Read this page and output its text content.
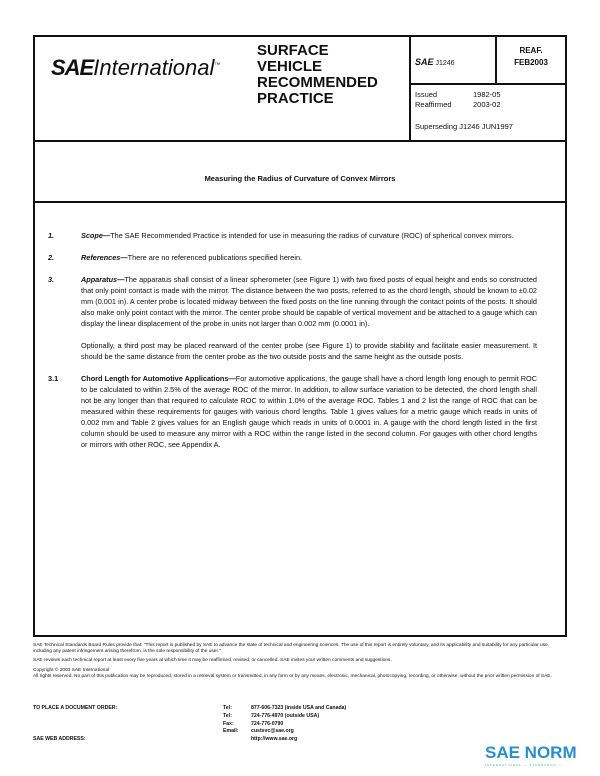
SAEInternational™
SURFACE
VEHICLE
RECOMMENDED
PRACTICE
SAE J1246
REAF.
FEB2003
Issued	1982-05
Reaffirmed	2003-02
Superseding J1246 JUN1997
Measuring the Radius of Curvature of Convex Mirrors
1.	Scope—The SAE Recommended Practice is intended for use in measuring the radius of curvature (ROC) of spherical convex mirrors.
2.	References—There are no referenced publications specified herein.
3.	Apparatus—The apparatus shall consist of a linear spherometer (see Figure 1) with two fixed posts of equal height and ends so constructed that only point contact is made with the mirror. The distance between the two posts, referred to as the chord length, should be known to ±0.02 mm (0.001 in). A center probe is located midway between the fixed posts on the line running through the contact points of the posts. It should also make only point contact with the mirror. The center probe should be capable of vertical movement and be attached to a gauge which can display the linear displacement of the probe in units not larger than 0.002 mm (0.0001 in).
Optionally, a third post may be placed rearward of the center probe (see Figure 1) to provide stability and facilitate easier measurement. It should be the same distance from the center probe as the two outside posts and the same height as the outside posts.
3.1	Chord Length for Automotive Applications—For automotive applications, the gauge shall have a chord length long enough to permit ROC to be calculated to within 2.5% of the average ROC of the mirror. In addition, to allow surface variation to be detected, the chord length shall not be any longer than that required to calculate ROC to within 1.0% of the average ROC. Tables 1 and 2 list the range of ROC that can be measured within these requirements for gauges with various chord lengths. Table 1 gives values for a metric gauge which reads in units of 0.002 mm and Table 2 gives values for an English gauge which reads in units of 0.0001 in. A gauge with the chord length listed in the first column should be used to measure any mirror with a ROC within the range listed in the second column. For gauges with other chord lengths or mirrors with other ROC, see Appendix A.

SAE Technical Standards Board Rules provide that: "This report is published by SAE to advance the state of technical and engineering sciences. The use of this report is entirely voluntary, and its applicability and suitability for any particular use, including any patent infringement arising therefrom, is the sole responsibility of the user."

SAE reviews each technical report at least every five years at which time it may be reaffirmed, revised, or cancelled. SAE invites your written comments and suggestions.

Copyright © 2003 SAE International

All rights reserved. No part of this publication may be reproduced, stored in a retrieval system or transmitted, in any form or by any means, electronic, mechanical, photocopying, recording, or otherwise, without the prior written permission of SAE.

TO PLACE A DOCUMENT ORDER:
SAE WEB ADDRESS:
Tel:	877-606-7323 (inside USA and Canada)
Tel:	724-776-4970 (outside USA)
Fax:	724-776-0790
Email: custsvc@sae.org
http://www.sae.org
SAE NORM
INTERNATIONAL — STANDARDS —
